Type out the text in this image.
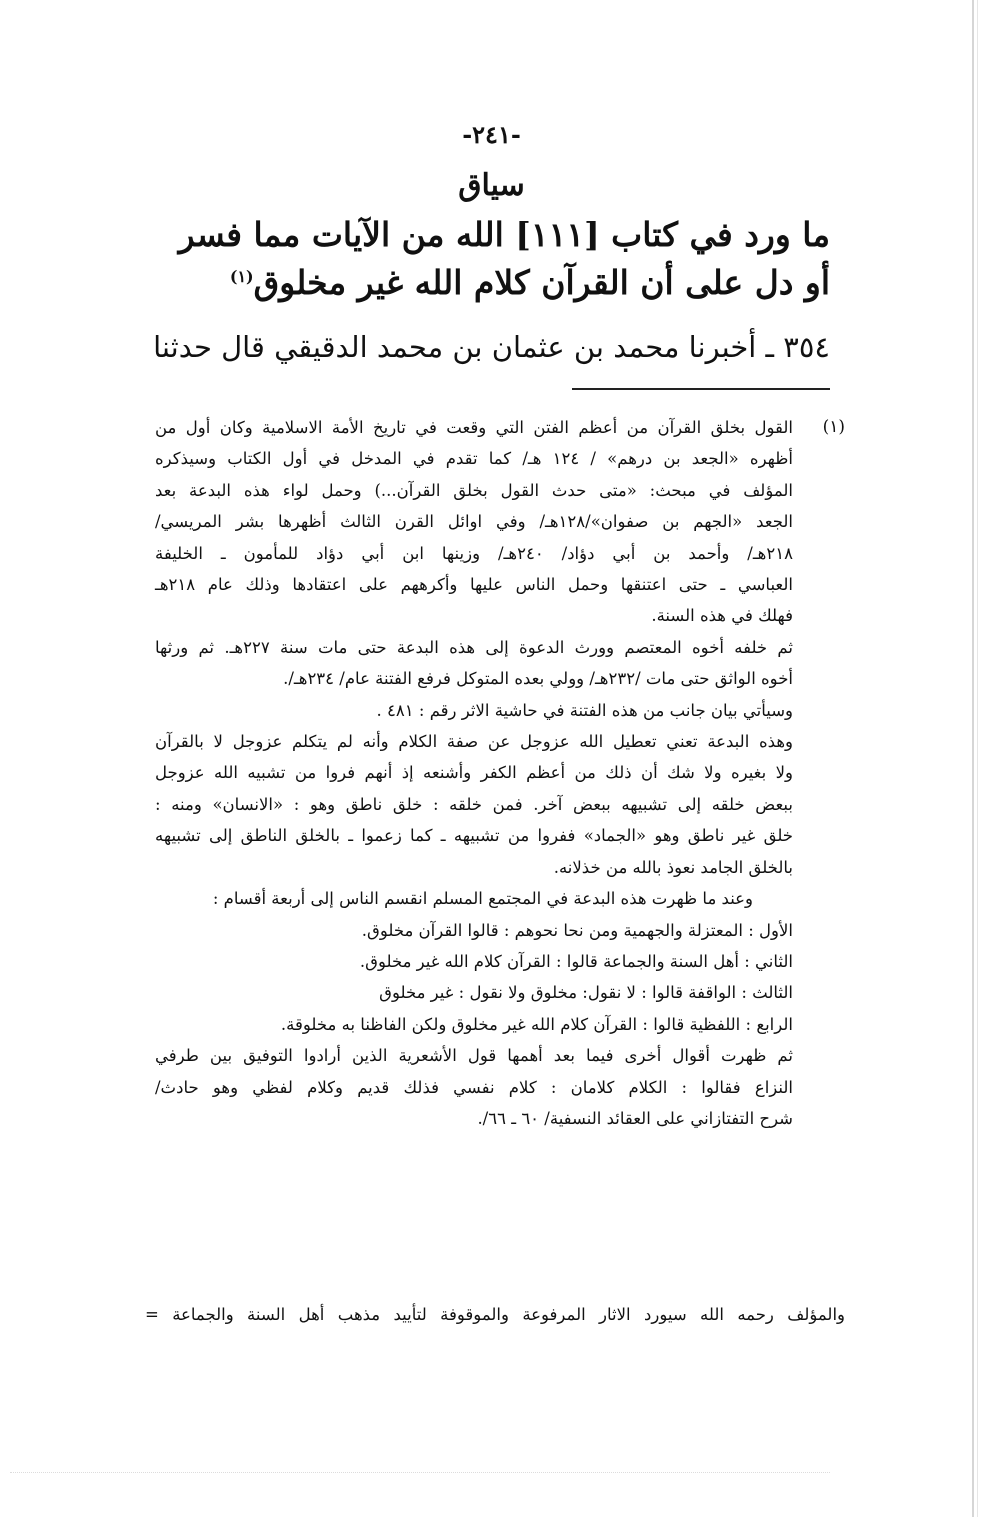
-٢٤١-
سياق
ما ورد في كتاب [١١١] الله من الآيات مما فسر
أو دل على أن القرآن كلام الله غير مخلوق$^{(١)}$
٣٥٤ ـ أخبرنا محمد بن عثمان بن محمد الدقيقي قال حدثنا
(١)
القول بخلق القرآن من أعظم الفتن التي وقعت في تاريخ الأمة الاسلامية وكان أول من
أظهره «الجعد بن درهم» / ١٢٤ هـ/ كما تقدم في المدخل في أول الكتاب وسيذكره
المؤلف في مبحث: «متى حدث القول بخلق القرآن...) وحمل لواء هذه البدعة بعد
الجعد «الجهم بن صفوان»/١٢٨هـ/ وفي اوائل القرن الثالث أظهرها بشر المريسي/
٢١٨هـ/ وأحمد بن أبي دؤاد/ ٢٤٠هـ/ وزينها ابن أبي دؤاد للمأمون ـ الخليفة
العباسي ـ حتى اعتنقها وحمل الناس عليها وأكرههم على اعتقادها وذلك عام ٢١٨هـ
فهلك في هذه السنة.
ثم خلفه أخوه المعتصم وورث الدعوة إلى هذه البدعة حتى مات سنة ٢٢٧هـ. ثم ورثها
أخوه الواثق حتى مات /٢٣٢هـ/ وولي بعده المتوكل فرفع الفتنة عام/ ٢٣٤هـ/.
وسيأتي بيان جانب من هذه الفتنة في حاشية الاثر رقم : ٤٨١ .
وهذه البدعة تعني تعطيل الله عزوجل عن صفة الكلام وأنه لم يتكلم عزوجل لا بالقرآن
ولا بغيره ولا شك أن ذلك من أعظم الكفر وأشنعه إذ أنهم فروا من تشبيه الله عزوجل
ببعض خلقه إلى تشبيهه ببعض آخر. فمن خلقه : خلق ناطق وهو : «الانسان» ومنه :
خلق غير ناطق وهو «الجماد» ففروا من تشبيهه ـ كما زعموا ـ بالخلق الناطق إلى تشبيهه
بالخلق الجامد نعوذ بالله من خذلانه.
وعند ما ظهرت هذه البدعة في المجتمع المسلم انقسم الناس إلى أربعة أقسام :
الأول : المعتزلة والجهمية ومن نحا نحوهم : قالوا القرآن مخلوق.
الثاني : أهل السنة والجماعة قالوا : القرآن كلام الله غير مخلوق.
الثالث : الواقفة قالوا : لا نقول: مخلوق ولا نقول : غير مخلوق
الرابع : اللفظية قالوا : القرآن كلام الله غير مخلوق ولكن الفاظنا به مخلوقة.
ثم ظهرت أقوال أخرى فيما بعد أهمها قول الأشعرية الذين أرادوا التوفيق بين طرفي
النزاع فقالوا : الكلام كلامان : كلام نفسي فذلك قديم وكلام لفظي وهو حادث/
شرح التفتازاني على العقائد النسفية/ ٦٠ ـ ٦٦/.
والمؤلف رحمه الله سيورد الاثار المرفوعة والموقوفة لتأييد مذهب أهل السنة والجماعة =
